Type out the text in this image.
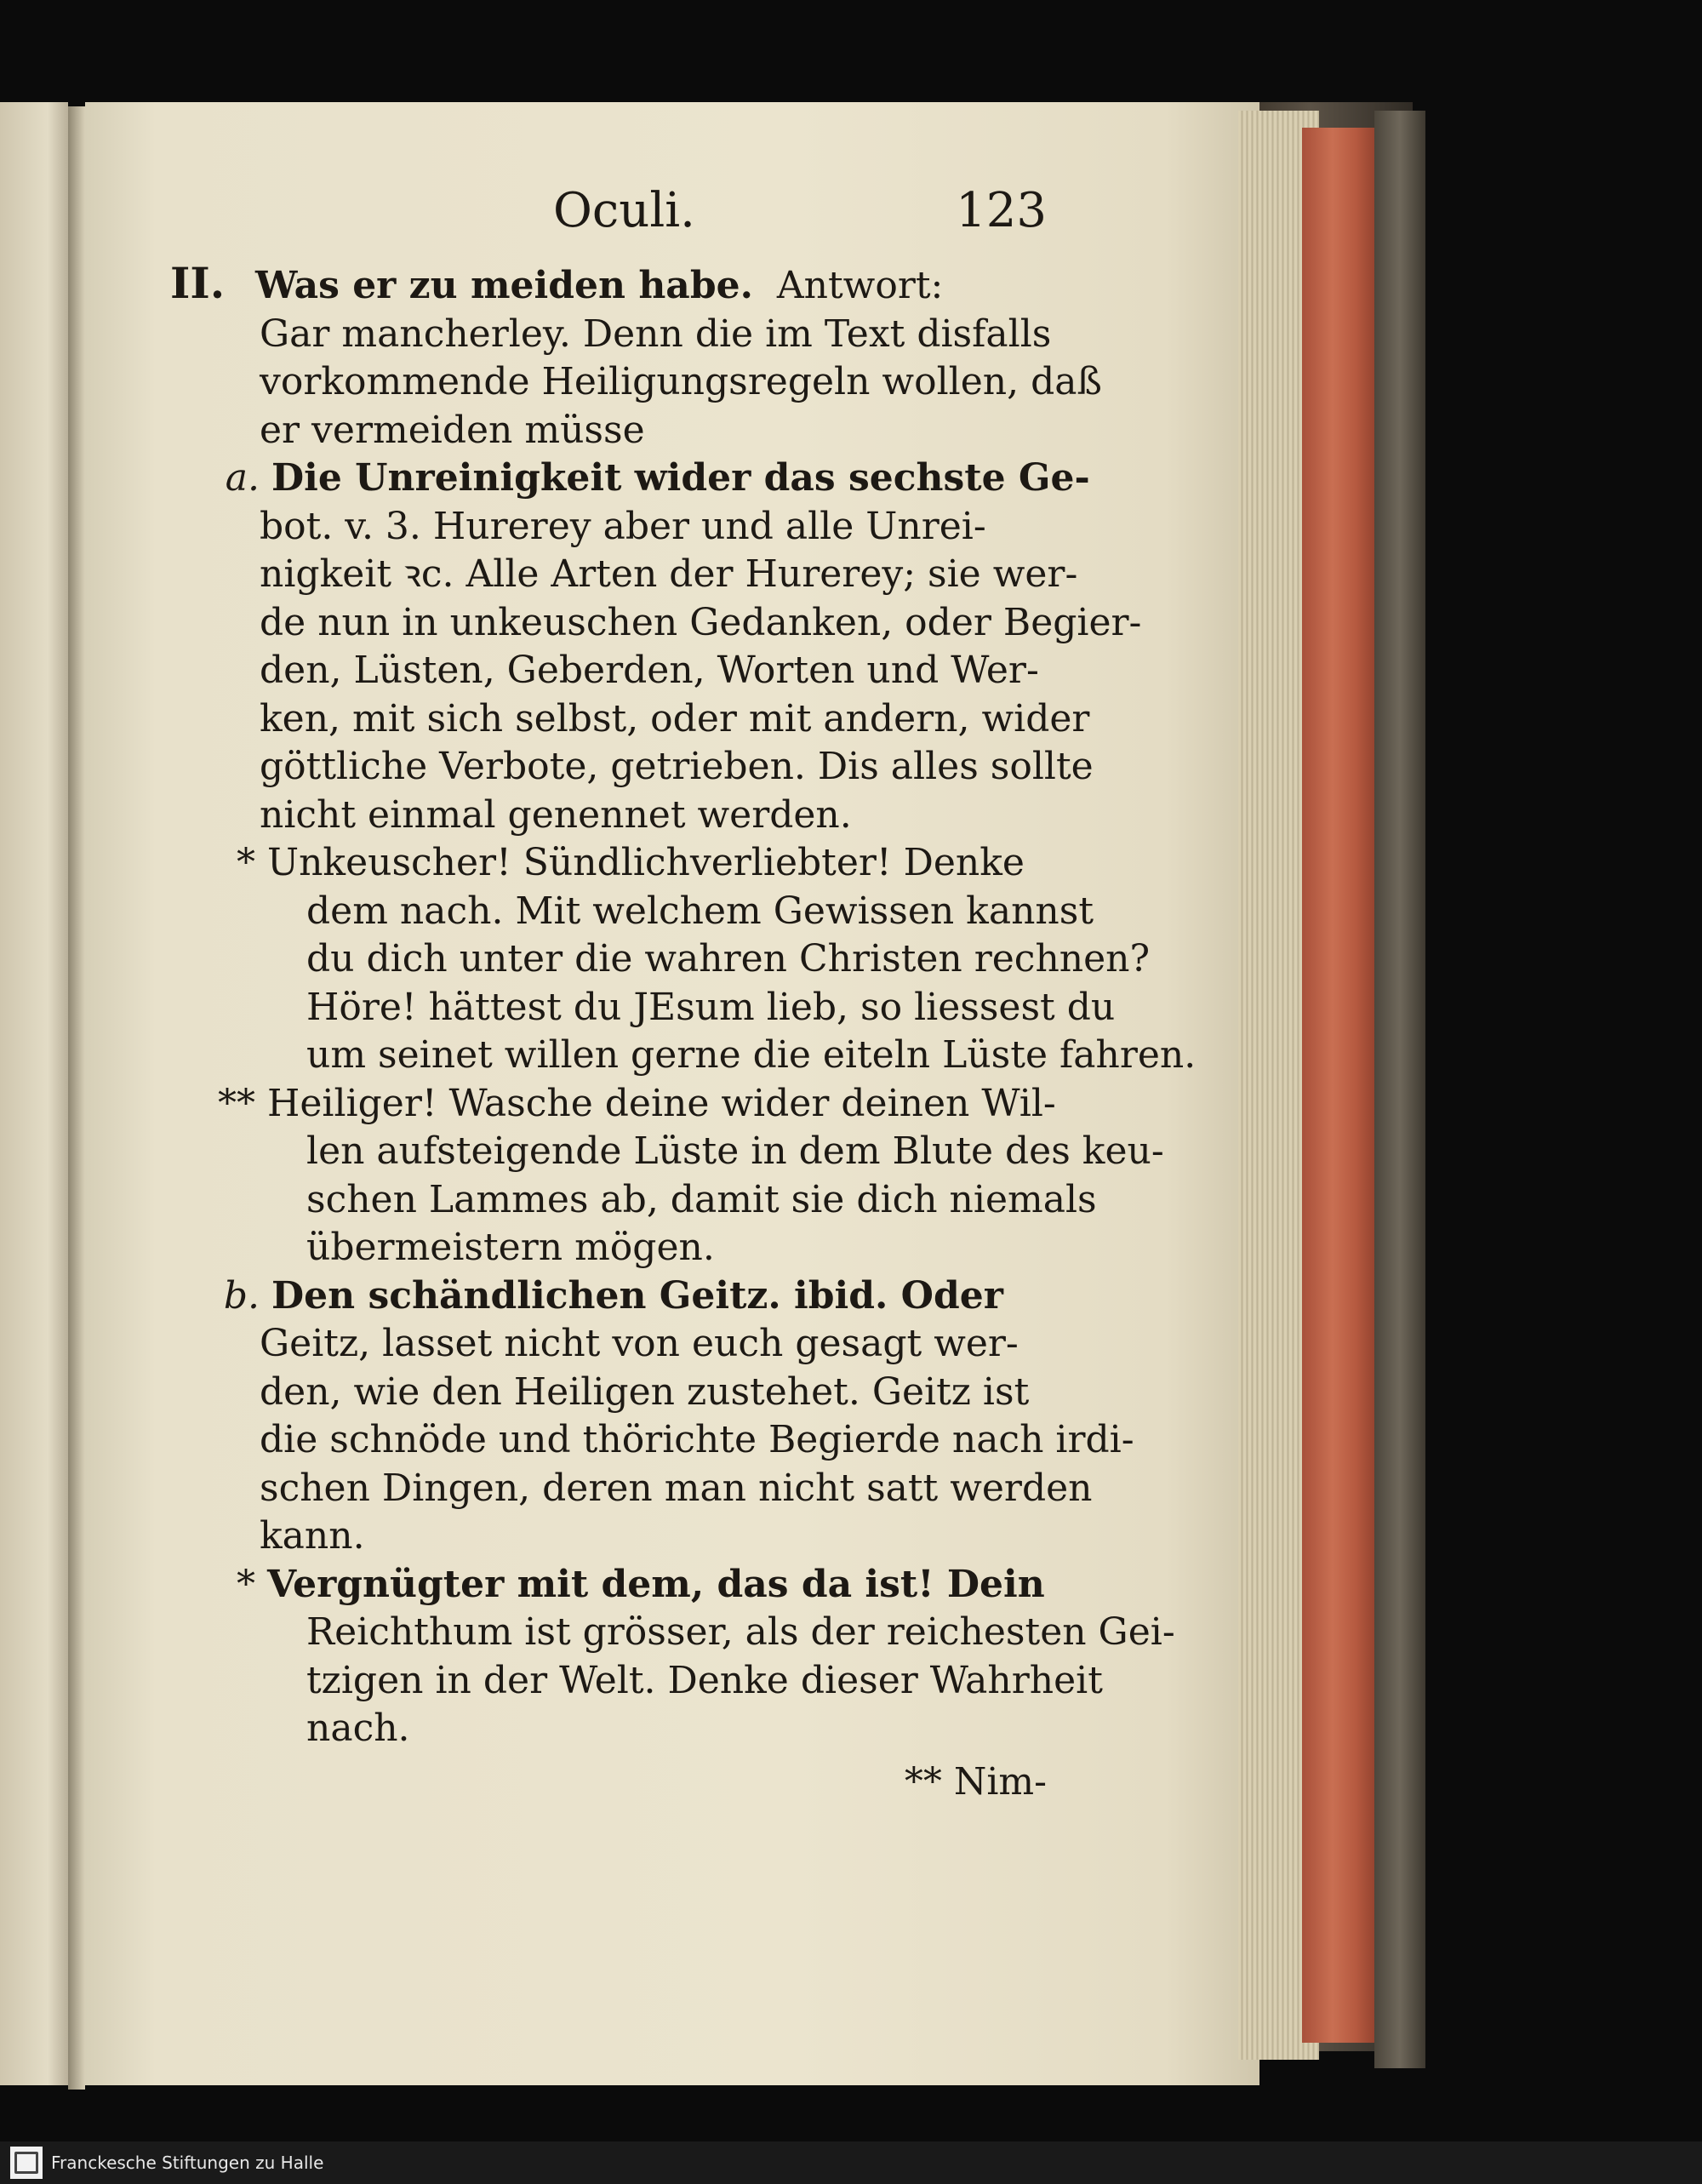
Oculi.	123
II. Was er zu meiden habe. Antwort:
Gar mancherley. Denn die im Text disfalls
vorkommende Heiligungsregeln wollen, daß
er vermeiden müsse
a. Die Unreinigkeit wider das sechste Ge-
bot. v. 3. Hurerey aber und alle Unrei-
nigkeit ꝛc. Alle Arten der Hurerey; sie wer-
de nun in unkeuschen Gedanken, oder Begier-
den, Lüsten, Geberden, Worten und Wer-
ken, mit sich selbst, oder mit andern, wider
göttliche Verbote, getrieben. Dis alles sollte
nicht einmal genennet werden.
* Unkeuscher! Sündlichverliebter! Denke
dem nach. Mit welchem Gewissen kannst
du dich unter die wahren Christen rechnen?
Höre! hättest du JEsum lieb, so liessest du
um seinet willen gerne die eiteln Lüste fahren.
** Heiliger! Wasche deine wider deinen Wil-
len aufsteigende Lüste in dem Blute des keu-
schen Lammes ab, damit sie dich niemals
übermeistern mögen.
b. Den schändlichen Geitz. ibid. Oder
Geitz, lasset nicht von euch gesagt wer-
den, wie den Heiligen zustehet. Geitz ist
die schnöde und thörichte Begierde nach irdi-
schen Dingen, deren man nicht satt werden
kann.
* Vergnügter mit dem, das da ist! Dein
Reichthum ist grösser, als der reichesten Gei-
tzigen in der Welt. Denke dieser Wahrheit
nach.
** Nim-
Franckesche Stiftungen zu Halle
